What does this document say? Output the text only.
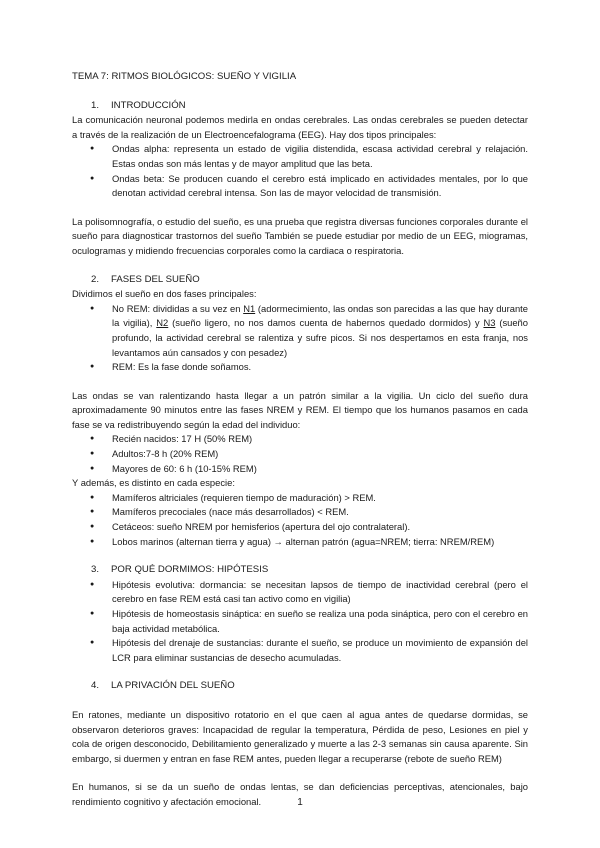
TEMA 7: RITMOS BIOLÓGICOS: SUEÑO Y VIGILIA
1.	INTRODUCCIÓN

La comunicación neuronal podemos medirla en ondas cerebrales. Las ondas cerebrales se pueden detectar a través de la realización de un Electroencefalograma (EEG). Hay dos tipos principales:

● Ondas alpha: representa un estado de vigilia distendida, escasa actividad cerebral y relajación. Estas ondas son más lentas y de mayor amplitud que las beta.
● Ondas beta: Se producen cuando el cerebro está implicado en actividades mentales, por lo que denotan actividad cerebral intensa. Son las de mayor velocidad de transmisión.

La polisomnografía, o estudio del sueño, es una prueba que registra diversas funciones corporales durante el sueño para diagnosticar trastornos del sueño También se puede estudiar por medio de un EEG, miogramas, oculogramas y midiendo frecuencias corporales como la cardiaca o respiratoria.

2.	FASES DEL SUEÑO

Dividimos el sueño en dos fases principales:

● No REM: divididas a su vez en N1 (adormecimiento, las ondas son parecidas a las que hay durante la vigilia), N2 (sueño ligero, no nos damos cuenta de habernos quedado dormidos) y N3 (sueño profundo, la actividad cerebral se ralentiza y sufre picos. Si nos despertamos en esta franja, nos levantamos aún cansados y con pesadez)
● REM: Es la fase donde soñamos.

Las ondas se van ralentizando hasta llegar a un patrón similar a la vigilia. Un ciclo del sueño dura aproximadamente 90 minutos entre las fases NREM y REM. El tiempo que los humanos pasamos en cada fase se va redistribuyendo según la edad del individuo:

● Recién nacidos: 17 H (50% REM)
● Adultos:7-8 h (20% REM)
● Mayores de 60: 6 h (10-15% REM)

Y además, es distinto en cada especie:

● Mamíferos altriciales (requieren tiempo de maduración) > REM.
● Mamíferos precociales (nace más desarrollados) < REM.
● Cetáceos: sueño NREM por hemisferios (apertura del ojo contralateral).
● Lobos marinos (alternan tierra y agua) → alternan patrón (agua=NREM; tierra: NREM/REM)
3.	POR QUÉ DORMIMOS: HIPÓTESIS
● Hipótesis evolutiva: dormancia: se necesitan lapsos de tiempo de inactividad cerebral (pero el cerebro en fase REM está casi tan activo como en vigilia)
● Hipótesis de homeostasis sináptica: en sueño se realiza una poda sináptica, pero con el cerebro en baja actividad metabólica.
● Hipótesis del drenaje de sustancias: durante el sueño, se produce un movimiento de expansión del LCR para eliminar sustancias de desecho acumuladas.
4.	LA PRIVACIÓN DEL SUEÑO

En ratones, mediante un dispositivo rotatorio en el que caen al agua antes de quedarse dormidas, se observaron deterioros graves: Incapacidad de regular la temperatura, Pérdida de peso, Lesiones en piel y cola de origen desconocido, Debilitamiento generalizado y muerte a las 2-3 semanas sin causa aparente. Sin embargo, si duermen y entran en fase REM antes, pueden llegar a recuperarse (rebote de sueño REM)

En humanos, si se da un sueño de ondas lentas, se dan deficiencias perceptivas, atencionales, bajo rendimiento cognitivo y afectación emocional.	1
